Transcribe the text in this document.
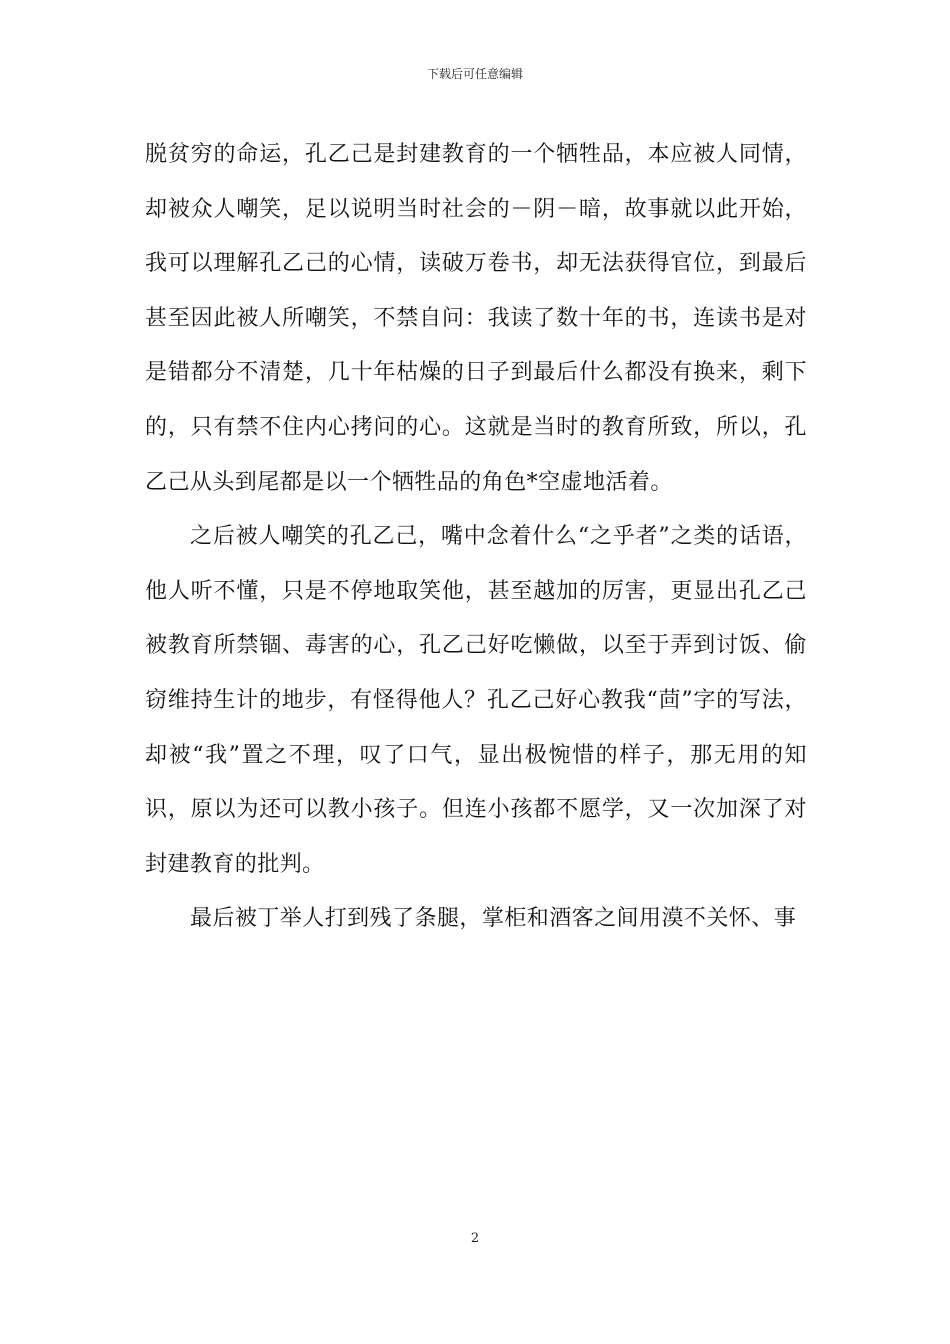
下载后可任意编辑

脱贫穷的命运，孔乙己是封建教育的一个牺牲品，本应被人同情，却被众人嘲笑，足以说明当时社会的－阴－暗，故事就以此开始，我可以理解孔乙己的心情，读破万卷书，却无法获得官位，到最后甚至因此被人所嘲笑，不禁自问：我读了数十年的书，连读书是对是错都分不清楚，几十年枯燥的日子到最后什么都没有换来，剩下的，只有禁不住内心拷问的心。这就是当时的教育所致，所以，孔乙己从头到尾都是以一个牺牲品的角色*空虚地活着。

之后被人嘲笑的孔乙己，嘴中念着什么“之乎者”之类的话语，他人听不懂，只是不停地取笑他，甚至越加的厉害，更显出孔乙己被教育所禁锢、毒害的心，孔乙己好吃懒做，以至于弄到讨饭、偷窃维持生计的地步，有怪得他人？孔乙己好心教我“茴”字的写法，却被“我”置之不理，叹了口气，显出极惋惜的样子，那无用的知识，原以为还可以教小孩子。但连小孩都不愿学，又一次加深了对封建教育的批判。

最后被丁举人打到残了条腿，掌柜和酒客之间用漠不关怀、事

2
